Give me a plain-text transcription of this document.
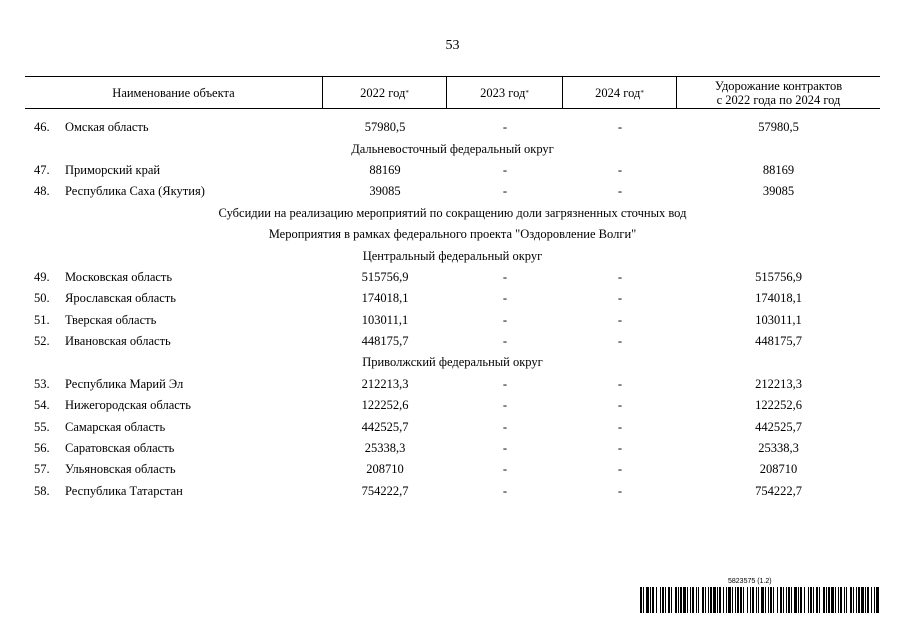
53
Наименование объекта	2022 год *	2023 год *	2024 год *	Удорожание контрактов
с 2022 года по 2024 год
46.	Омская область	57980,5	-	-	57980,5
Дальневосточный федеральный округ
47.	Приморский край	88169	-	-	88169
48.	Республика Саха (Якутия)	39085	-	-	39085
Субсидии на реализацию мероприятий по сокращению доли загрязненных сточных вод
Мероприятия в рамках федерального проекта "Оздоровление Волги"
Центральный федеральный округ
49.	Московская область	515756,9	-	-	515756,9
50.	Ярославская область	174018,1	-	-	174018,1
51.	Тверская область	103011,1	-	-	103011,1
52.	Ивановская область	448175,7	-	-	448175,7
Приволжский федеральный округ
53.	Республика Марий Эл	212213,3	-	-	212213,3
54.	Нижегородская область	122252,6	-	-	122252,6
55.	Самарская область	442525,7	-	-	442525,7
56.	Саратовская область	25338,3	-	-	25338,3
57.	Ульяновская область	208710	-	-	208710
58.	Республика Татарстан	754222,7	-	-	754222,7
5823575 (1.2)
